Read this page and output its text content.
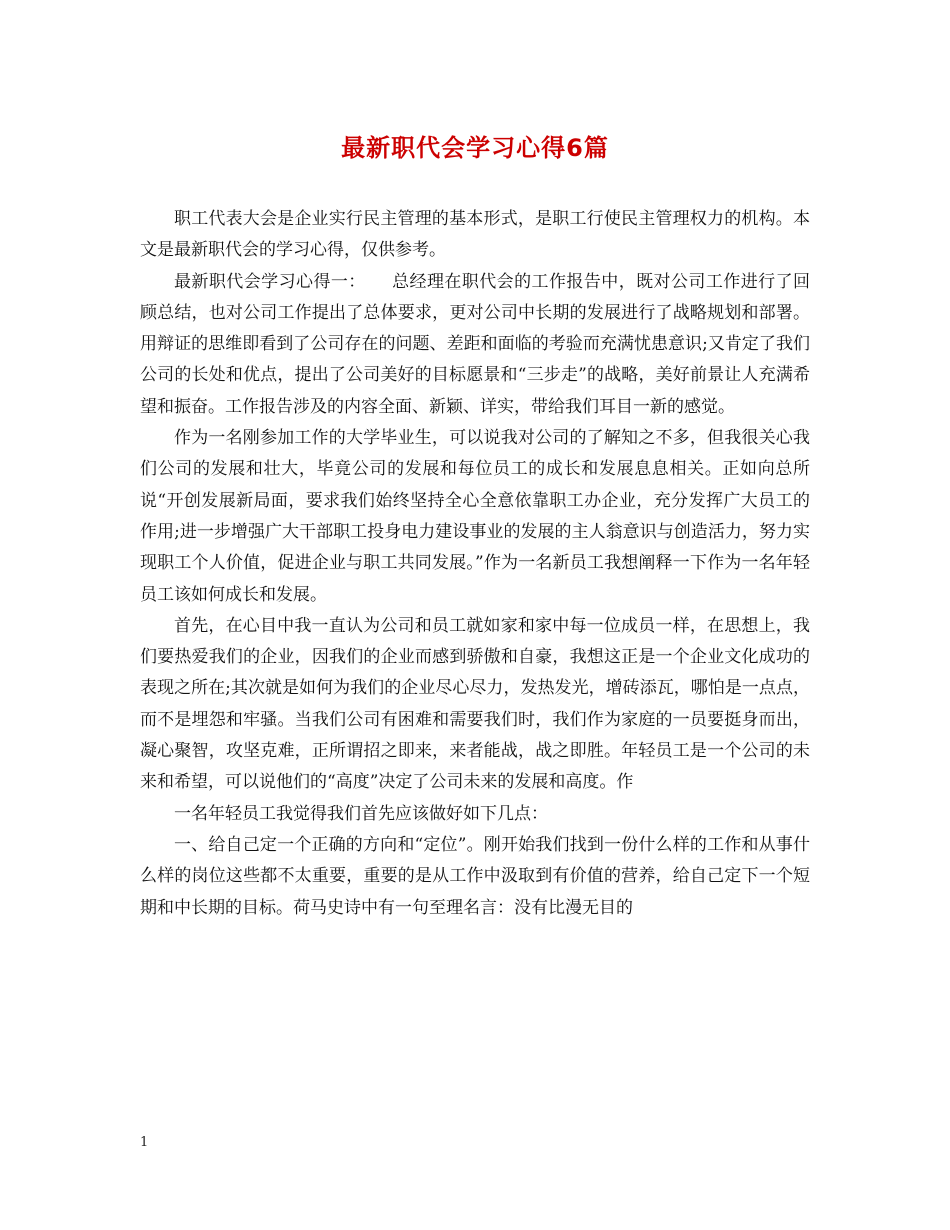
最新职代会学习心得6篇

职工代表大会是企业实行民主管理的基本形式，是职工行使民主管理权力的机构。本文是最新职代会的学习心得，仅供参考。

最新职代会学习心得一：　　总经理在职代会的工作报告中，既对公司工作进行了回顾总结，也对公司工作提出了总体要求，更对公司中长期的发展进行了战略规划和部署。用辩证的思维即看到了公司存在的问题、差距和面临的考验而充满忧患意识;又肯定了我们公司的长处和优点，提出了公司美好的目标愿景和“三步走”的战略，美好前景让人充满希望和振奋。工作报告涉及的内容全面、新颖、详实，带给我们耳目一新的感觉。

作为一名刚参加工作的大学毕业生，可以说我对公司的了解知之不多，但我很关心我们公司的发展和壮大，毕竟公司的发展和每位员工的成长和发展息息相关。正如向总所说“开创发展新局面，要求我们始终坚持全心全意依靠职工办企业，充分发挥广大员工的作用;进一步增强广大干部职工投身电力建设事业的发展的主人翁意识与创造活力，努力实现职工个人价值，促进企业与职工共同发展。”作为一名新员工我想阐释一下作为一名年轻员工该如何成长和发展。

首先，在心目中我一直认为公司和员工就如家和家中每一位成员一样，在思想上，我们要热爱我们的企业，因我们的企业而感到骄傲和自豪，我想这正是一个企业文化成功的表现之所在;其次就是如何为我们的企业尽心尽力，发热发光，增砖添瓦，哪怕是一点点，而不是埋怨和牢骚。当我们公司有困难和需要我们时，我们作为家庭的一员要挺身而出，凝心聚智，攻坚克难，正所谓招之即来，来者能战，战之即胜。年轻员工是一个公司的未来和希望，可以说他们的“高度”决定了公司未来的发展和高度。作

一名年轻员工我觉得我们首先应该做好如下几点：

一、给自己定一个正确的方向和“定位”。刚开始我们找到一份什么样的工作和从事什么样的岗位这些都不太重要，重要的是从工作中汲取到有价值的营养，给自己定下一个短期和中长期的目标。荷马史诗中有一句至理名言：没有比漫无目的

1
